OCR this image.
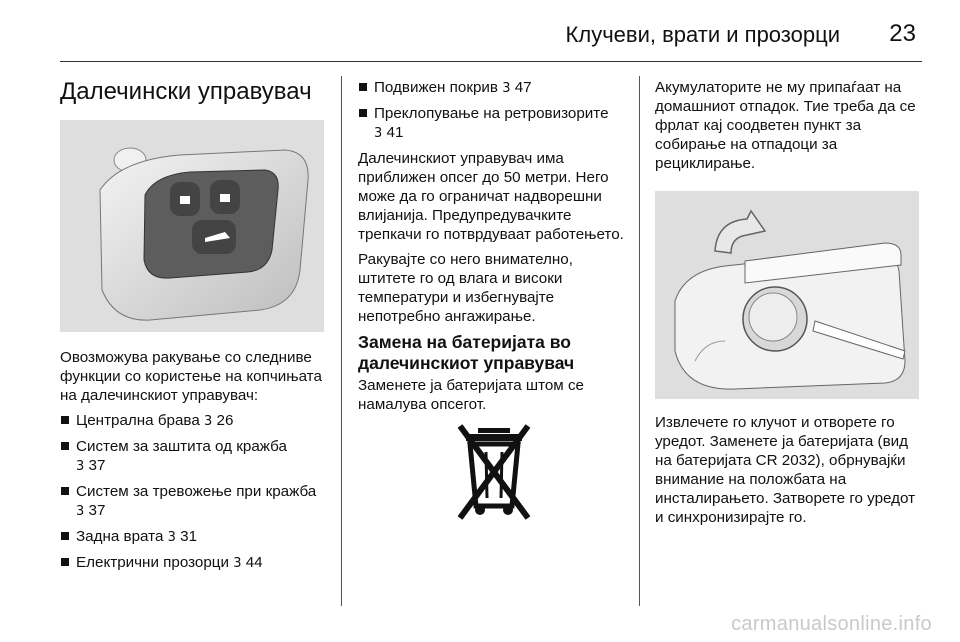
Клучеви, врати и прозорци 23
Далечински управувач

Овозможува ракување со следниве функции со користење на копчињата на далечинскиот управувач:

Централна брава 3 26

Систем за заштита од кражба
3 37

Систем за тревожење при кражба 3 37

Задна врата 3 31

Електрични прозорци 3 44

Подвижен покрив 3 47

Преклопување на ретровизорите
3 41

Далечинскиот управувач има приближен опсег до 50 метри. Него може да го ограничат надворешни влијанија. Предупредувачките трепкачи го потврдуваат работењето.

Ракувајте со него внимателно, штитете го од влага и високи температури и избегнувајте непотребно ангажирање.

Замена на батеријата во далечинскиот управувач

Заменете ја батеријата штом се намалува опсегот.

Акумулаторите не му припаѓаат на домашниот отпадок. Тие треба да се фрлат кај соодветен пункт за собирање на отпадоци за рециклирање.

Извлечете го клучот и отворете го уредот. Заменете ја батеријата (вид на батеријата CR 2032), обрнувајќи внимание на положбата на инсталирањето. Затворете го уредот и синхронизирајте го.

carmanualsonline.info
